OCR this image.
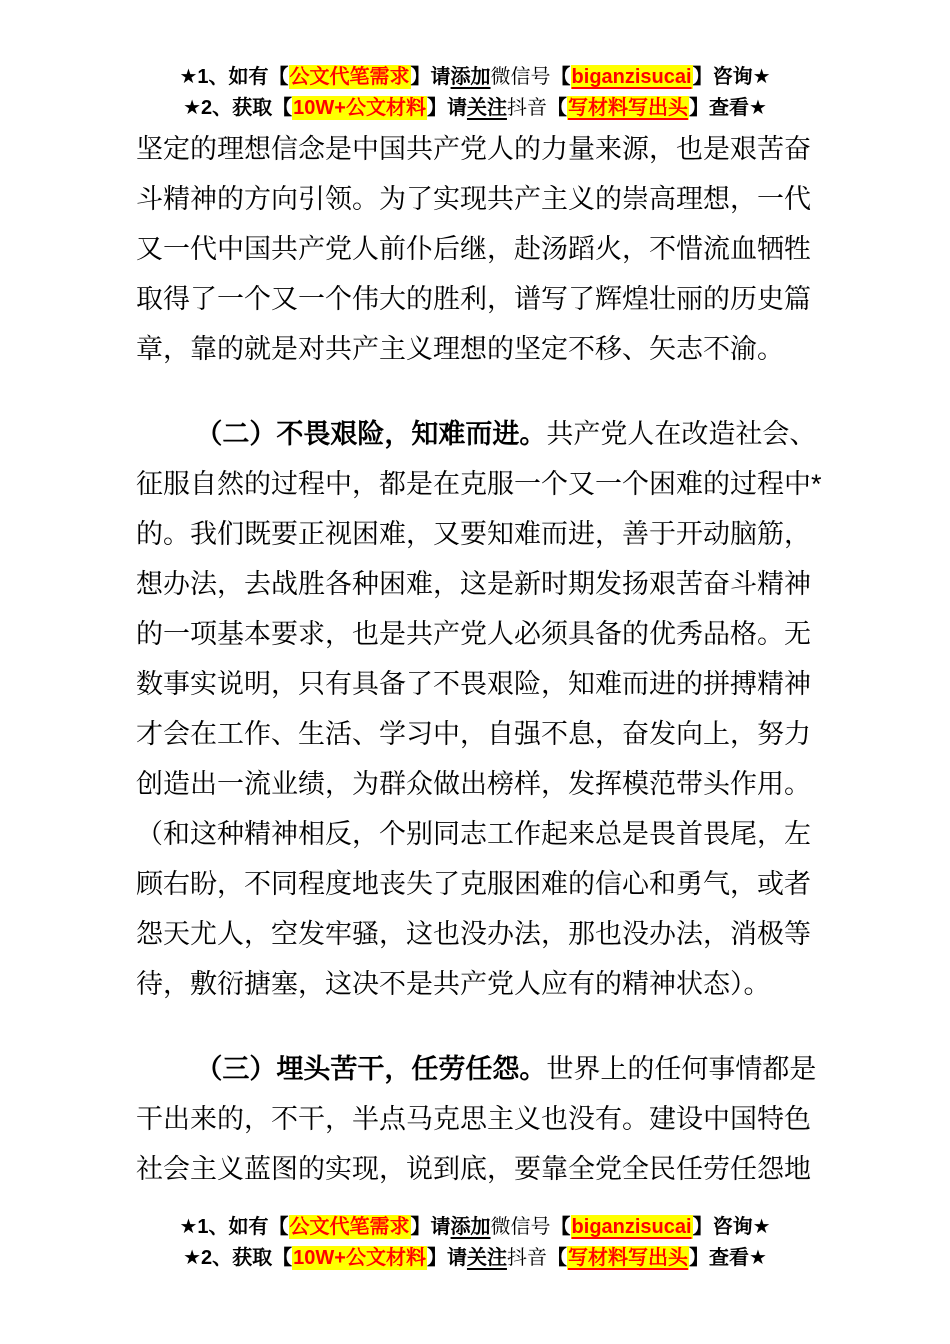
★1、如有【公文代笔需求】请添加微信号【biganzisucai】咨询★
★2、获取【10W+公文材料】请关注抖音【写材料写出头】查看★
坚定的理想信念是中国共产党人的力量来源，也是艰苦奋
斗精神的方向引领。为了实现共产主义的崇高理想，一代
又一代中国共产党人前仆后继，赴汤蹈火，不惜流血牺牲
取得了一个又一个伟大的胜利，谱写了辉煌壮丽的历史篇
章，靠的就是对共产主义理想的坚定不移、矢志不渝。
（二）不畏艰险，知难而进。共产党人在改造社会、
征服自然的过程中，都是在克服一个又一个困难的过程中*
的。我们既要正视困难，又要知难而进，善于开动脑筋，
想办法，去战胜各种困难，这是新时期发扬艰苦奋斗精神
的一项基本要求，也是共产党人必须具备的优秀品格。无
数事实说明，只有具备了不畏艰险，知难而进的拼搏精神
才会在工作、生活、学习中，自强不息，奋发向上，努力
创造出一流业绩，为群众做出榜样，发挥模范带头作用。
（和这种精神相反，个别同志工作起来总是畏首畏尾，左
顾右盼，不同程度地丧失了克服困难的信心和勇气，或者
怨天尤人，空发牢骚，这也没办法，那也没办法，消极等
待，敷衍搪塞，这决不是共产党人应有的精神状态）。
（三）埋头苦干，任劳任怨。世界上的任何事情都是
干出来的，不干，半点马克思主义也没有。建设中国特色
社会主义蓝图的实现，说到底，要靠全党全民任劳任怨地
★1、如有【公文代笔需求】请添加微信号【biganzisucai】咨询★
★2、获取【10W+公文材料】请关注抖音【写材料写出头】查看★
